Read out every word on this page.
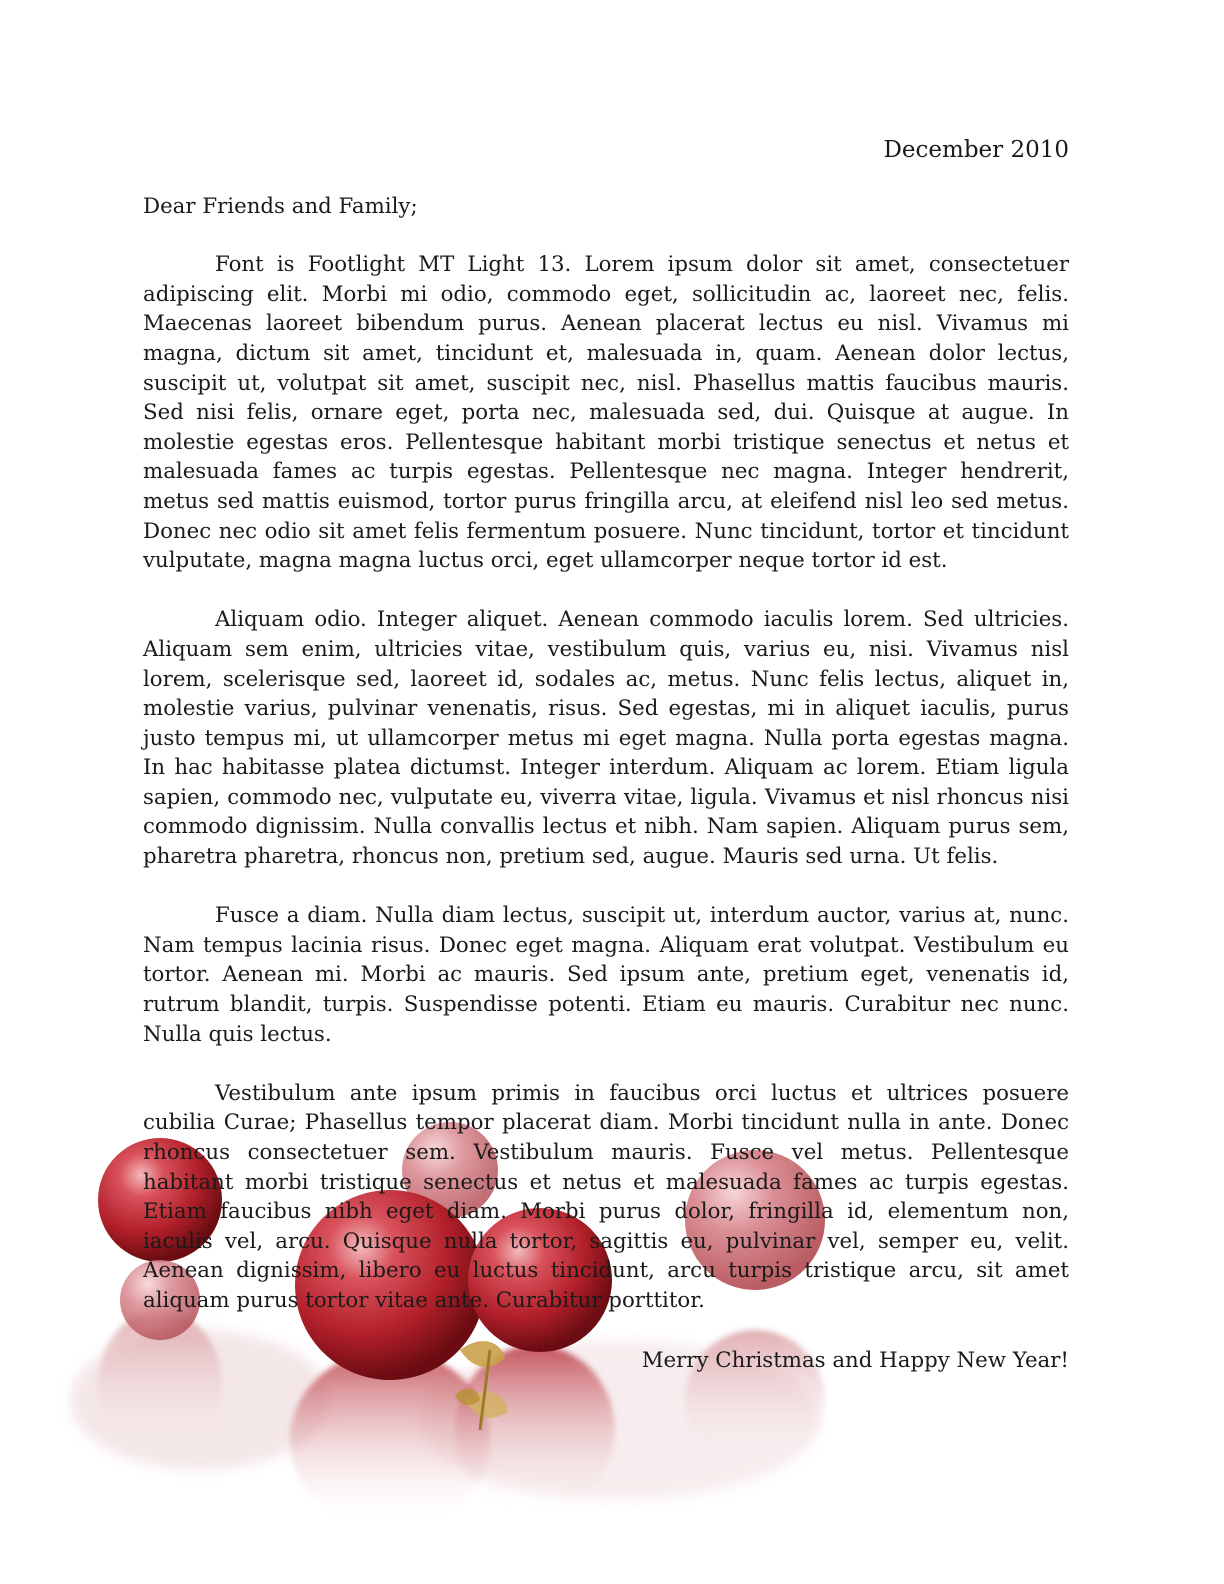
December 2010

Dear Friends and Family;

Font is Footlight MT Light 13. Lorem ipsum dolor sit amet, consectetuer adipiscing elit. Morbi mi odio, commodo eget, sollicitudin ac, laoreet nec, felis. Maecenas laoreet bibendum purus. Aenean placerat lectus eu nisl. Vivamus mi magna, dictum sit amet, tincidunt et, malesuada in, quam. Aenean dolor lectus, suscipit ut, volutpat sit amet, suscipit nec, nisl. Phasellus mattis faucibus mauris. Sed nisi felis, ornare eget, porta nec, malesuada sed, dui. Quisque at augue. In molestie egestas eros. Pellentesque habitant morbi tristique senectus et netus et malesuada fames ac turpis egestas. Pellentesque nec magna. Integer hendrerit, metus sed mattis euismod, tortor purus fringilla arcu, at eleifend nisl leo sed metus. Donec nec odio sit amet felis fermentum posuere. Nunc tincidunt, tortor et tincidunt vulputate, magna magna luctus orci, eget ullamcorper neque tortor id est.

Aliquam odio. Integer aliquet. Aenean commodo iaculis lorem. Sed ultricies. Aliquam sem enim, ultricies vitae, vestibulum quis, varius eu, nisi. Vivamus nisl lorem, scelerisque sed, laoreet id, sodales ac, metus. Nunc felis lectus, aliquet in, molestie varius, pulvinar venenatis, risus. Sed egestas, mi in aliquet iaculis, purus justo tempus mi, ut ullamcorper metus mi eget magna. Nulla porta egestas magna. In hac habitasse platea dictumst. Integer interdum. Aliquam ac lorem. Etiam ligula sapien, commodo nec, vulputate eu, viverra vitae, ligula. Vivamus et nisl rhoncus nisi commodo dignissim. Nulla convallis lectus et nibh. Nam sapien. Aliquam purus sem, pharetra pharetra, rhoncus non, pretium sed, augue. Mauris sed urna. Ut felis.

Fusce a diam. Nulla diam lectus, suscipit ut, interdum auctor, varius at, nunc. Nam tempus lacinia risus. Donec eget magna. Aliquam erat volutpat. Vestibulum eu tortor. Aenean mi. Morbi ac mauris. Sed ipsum ante, pretium eget, venenatis id, rutrum blandit, turpis. Suspendisse potenti. Etiam eu mauris. Curabitur nec nunc. Nulla quis lectus.

Vestibulum ante ipsum primis in faucibus orci luctus et ultrices posuere cubilia Curae; Phasellus tempor placerat diam. Morbi tincidunt nulla in ante. Donec rhoncus consectetuer sem. Vestibulum mauris. Fusce vel metus. Pellentesque habitant morbi tristique senectus et netus et malesuada fames ac turpis egestas. Etiam faucibus nibh eget diam. Morbi purus dolor, fringilla id, elementum non, iaculis vel, arcu. Quisque nulla tortor, sagittis eu, pulvinar vel, semper eu, velit. Aenean dignissim, libero eu luctus tincidunt, arcu turpis tristique arcu, sit amet aliquam purus tortor vitae ante. Curabitur porttitor.

Merry Christmas and Happy New Year!
